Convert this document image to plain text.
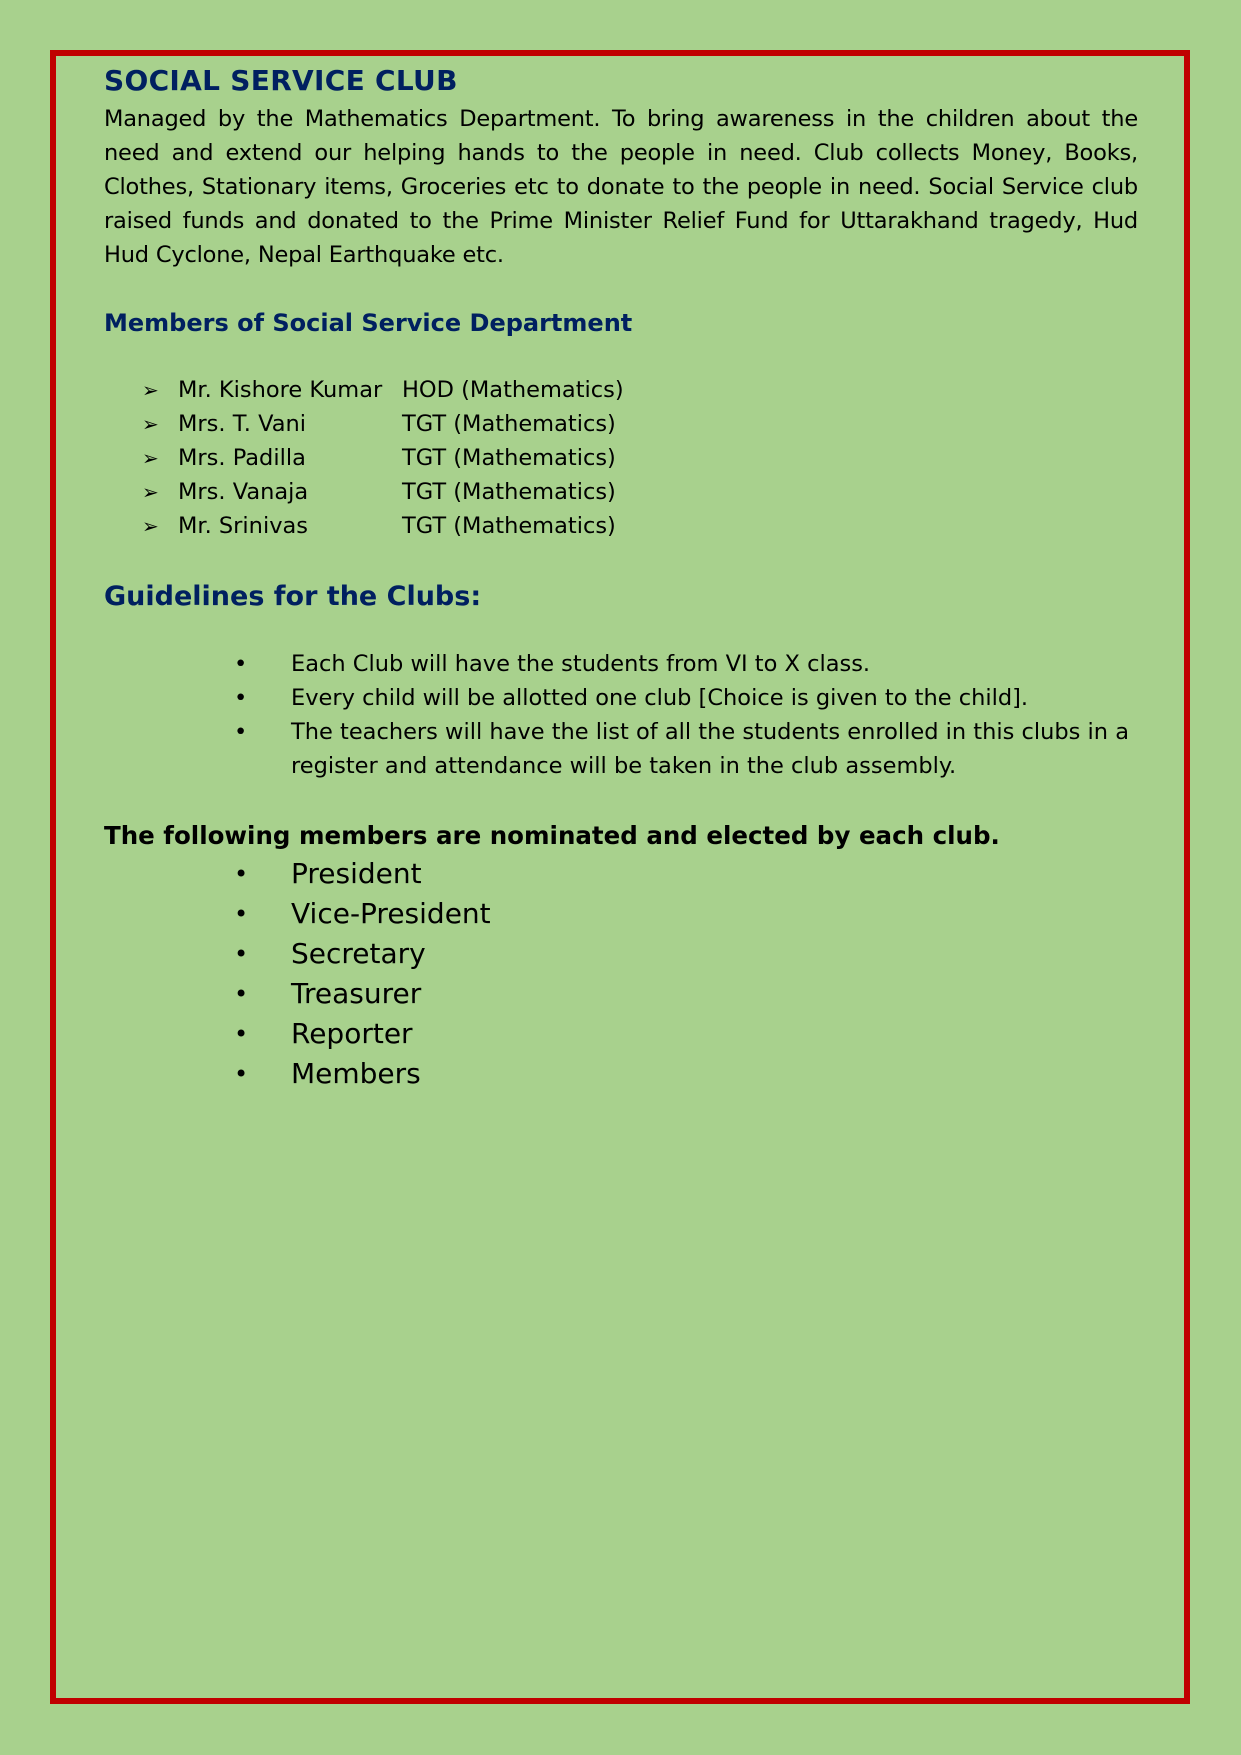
SOCIAL SERVICE CLUB

Managed by the Mathematics Department. To bring awareness in the children about the need and extend our helping hands to the people in need. Club collects Money, Books, Clothes, Stationary items, Groceries etc to donate to the people in need. Social Service club raised funds and donated to the Prime Minister Relief Fund for Uttarakhand tragedy, Hud Hud Cyclone, Nepal Earthquake etc.

Members of Social Service Department
➢ Mr. Kishore Kumar HOD (Mathematics)
➢ Mrs. T. Vani	TGT (Mathematics)
➢ Mrs. Padilla	TGT (Mathematics)
➢ Mrs. Vanaja	TGT (Mathematics)
➢ Mr. Srinivas	TGT (Mathematics)
Guidelines for the Clubs:
•	Each Club will have the students from VI to X class.
•	Every child will be allotted one club [Choice is given to the child].
•	The teachers will have the list of all the students enrolled in this clubs in a register and attendance will be taken in the club assembly.
The following members are nominated and elected by each club.
•	President
•	Vice-President
•	Secretary
•	Treasurer
•	Reporter
•	Members
